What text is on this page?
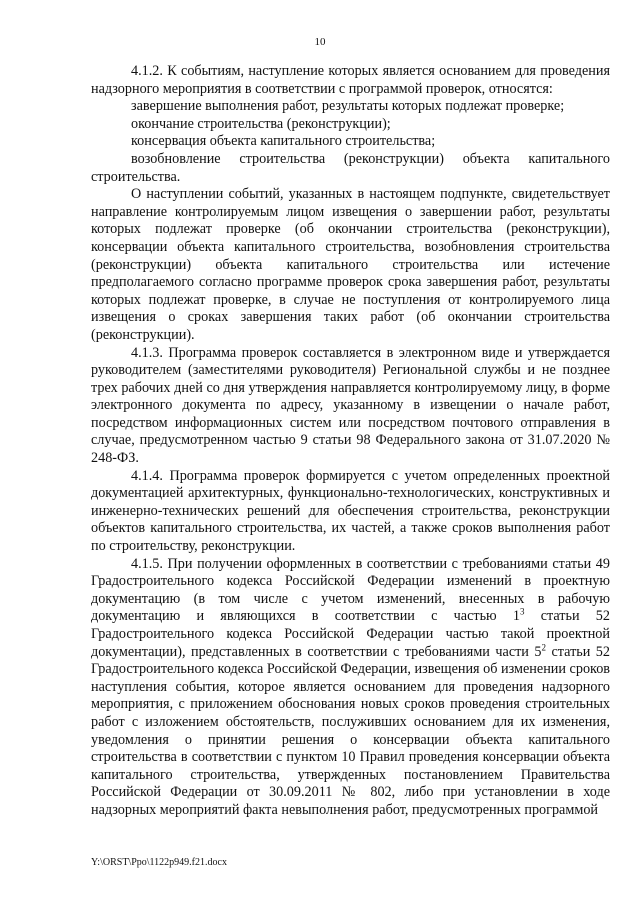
10

4.1.2. К событиям, наступление которых является основанием для проведения надзорного мероприятия в соответствии с программой проверок, относятся:

завершение выполнения работ, результаты которых подлежат проверке;

окончание строительства (реконструкции);

консервация объекта капитального строительства;

возобновление строительства (реконструкции) объекта капитального строительства.

О наступлении событий, указанных в настоящем подпункте, свидетельствует направление контролируемым лицом извещения о завершении работ, результаты которых подлежат проверке (об окончании строительства (реконструкции), консервации объекта капитального строительства, возобновления строительства (реконструкции) объекта капитального строительства или истечение предполагаемого согласно программе проверок срока завершения работ, результаты которых подлежат проверке, в случае не поступления от контролируемого лица извещения о сроках завершения таких работ (об окончании строительства (реконструкции).

4.1.3. Программа проверок составляется в электронном виде и утверждается руководителем (заместителями руководителя) Региональной службы и не позднее трех рабочих дней со дня утверждения направляется контролируемому лицу, в форме электронного документа по адресу, указанному в извещении о начале работ, посредством информационных систем или посредством почтового отправления в случае, предусмотренном частью 9 статьи 98 Федерального закона от 31.07.2020 № 248-ФЗ.

4.1.4. Программа проверок формируется с учетом определенных проектной документацией архитектурных, функционально-технологических, конструктивных и инженерно-технических решений для обеспечения строительства, реконструкции объектов капитального строительства, их частей, а также сроков выполнения работ по строительству, реконструкции.

4.1.5. При получении оформленных в соответствии с требованиями статьи 49 Градостроительного кодекса Российской Федерации изменений в проектную документацию (в том числе с учетом изменений, внесенных в рабочую документацию и являющихся в соответствии с частью $1^3$ статьи 52 Градостроительного кодекса Российской Федерации частью такой проектной документации), представленных в соответствии с требованиями части $5^2$ статьи 52 Градостроительного кодекса Российской Федерации, извещения об изменении сроков наступления события, которое является основанием для проведения надзорного мероприятия, с приложением обоснования новых сроков проведения строительных работ с изложением обстоятельств, послуживших основанием для их изменения, уведомления о принятии решения о консервации объекта капитального строительства в соответствии с пунктом 10 Правил проведения консервации объекта капитального строительства, утвержденных постановлением Правительства Российской Федерации от 30.09.2011 № 802, либо при установлении в ходе надзорных мероприятий факта невыполнения работ, предусмотренных программой

Y:\ORST\Ppo\1122p949.f21.docx
